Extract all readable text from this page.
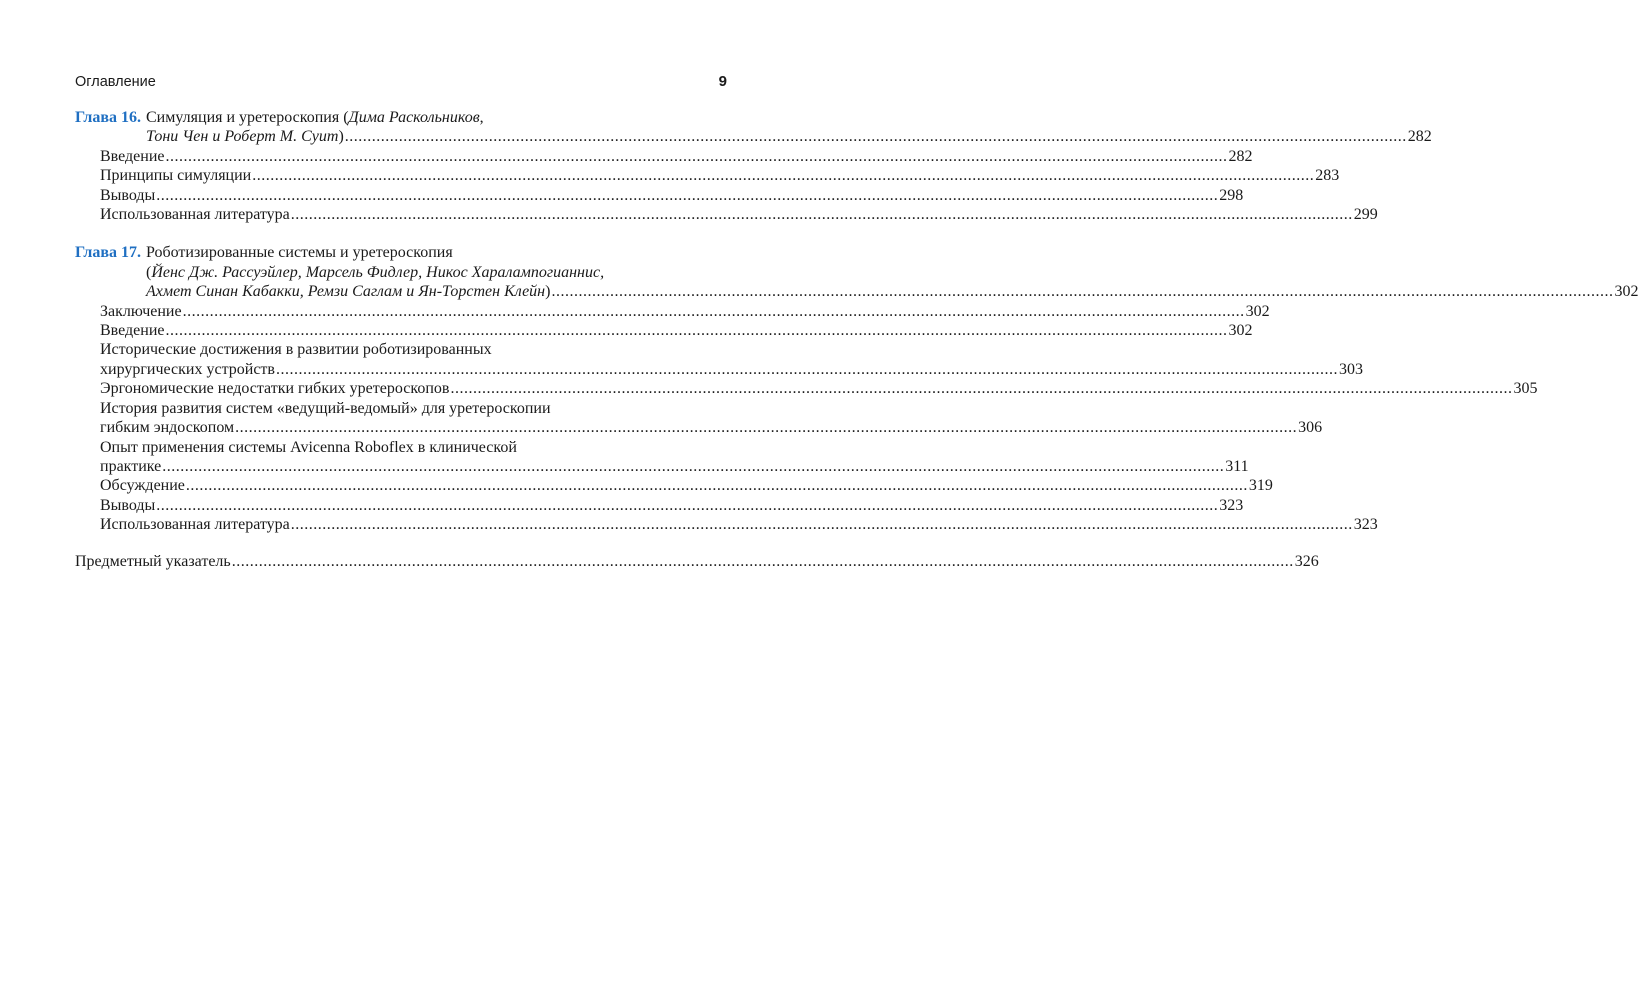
Оглавление	9
Глава 16. Симуляция и уретероскопия (Дима Раскольников,
Тони Чен и Роберт М. Суит) .....	282
Введение .....	282
Принципы симуляции .....	283
Выводы .....	298
Использованная литература .....	299
Глава 17. Роботизированные системы и уретероскопия
(Йенс Дж. Рассуэйлер, Марсель Фидлер, Никос Харалампогианнис,
Ахмет Синан Кабакки, Ремзи Саглам и Ян-Торстен Клейн) .....	302
Заключение .....	302
Введение .....	302
Исторические достижения в развитии роботизированных
хирургических устройств .....	303
Эргономические недостатки гибких уретероскопов .....	305
История развития систем «ведущий-ведомый» для уретероскопии
гибким эндоскопом .....	306
Опыт применения системы Avicenna Roboflex в клинической
практике .....	311
Обсуждение .....	319
Выводы .....	323
Использованная литература .....	323
Предметный указатель .....	326
